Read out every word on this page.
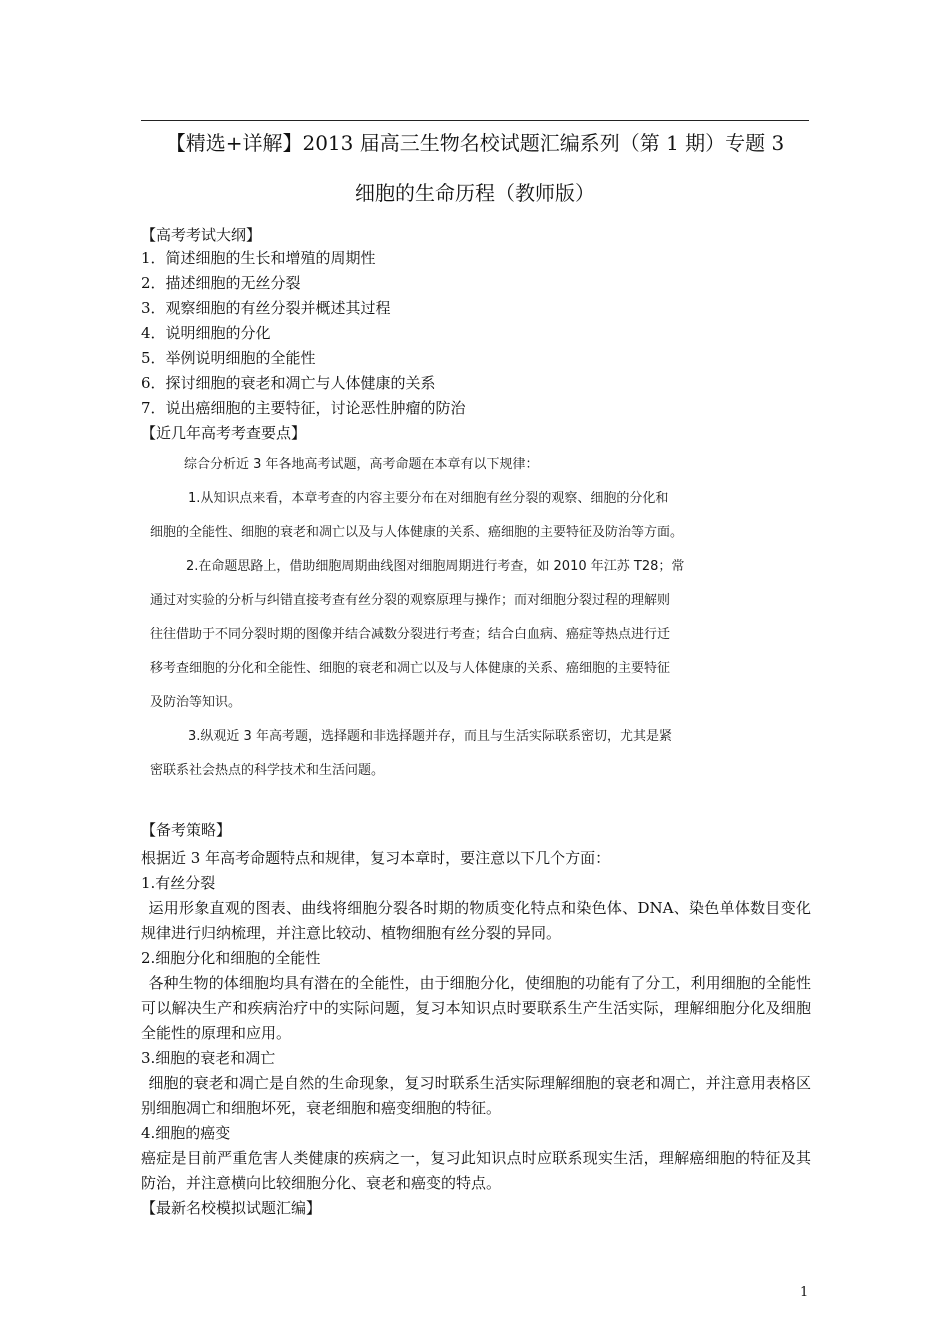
【精选+详解】2013 届高三生物名校试题汇编系列（第 1 期）专题 3
细胞的生命历程（教师版）
【高考考试大纲】
1．简述细胞的生长和增殖的周期性
2．描述细胞的无丝分裂
3．观察细胞的有丝分裂并概述其过程
4．说明细胞的分化
5．举例说明细胞的全能性
6．探讨细胞的衰老和凋亡与人体健康的关系
7．说出癌细胞的主要特征，讨论恶性肿瘤的防治
【近几年高考考查要点】

综合分析近 3 年各地高考试题，高考命题在本章有以下规律：

1.从知识点来看，本章考查的内容主要分布在对细胞有丝分裂的观察、细胞的分化和

细胞的全能性、细胞的衰老和凋亡以及与人体健康的关系、癌细胞的主要特征及防治等方面。

2.在命题思路上，借助细胞周期曲线图对细胞周期进行考查，如 2010 年江苏 T28；常

通过对实验的分析与纠错直接考查有丝分裂的观察原理与操作；而对细胞分裂过程的理解则

往往借助于不同分裂时期的图像并结合减数分裂进行考查；结合白血病、癌症等热点进行迁

移考查细胞的分化和全能性、细胞的衰老和凋亡以及与人体健康的关系、癌细胞的主要特征

及防治等知识。

3.纵观近 3 年高考题，选择题和非选择题并存，而且与生活实际联系密切，尤其是紧

密联系社会热点的科学技术和生活问题。

【备考策略】
根据近 3 年高考命题特点和规律，复习本章时，要注意以下几个方面：
1.有丝分裂
运用形象直观的图表、曲线将细胞分裂各时期的物质变化特点和染色体、DNA、染色单体数目变化规律进行归纳梳理，并注意比较动、植物细胞有丝分裂的异同。
2.细胞分化和细胞的全能性
各种生物的体细胞均具有潜在的全能性，由于细胞分化，使细胞的功能有了分工，利用细胞的全能性可以解决生产和疾病治疗中的实际问题，复习本知识点时要联系生产生活实际，理解细胞分化及细胞全能性的原理和应用。
3.细胞的衰老和凋亡
细胞的衰老和凋亡是自然的生命现象，复习时联系生活实际理解细胞的衰老和凋亡，并注意用表格区别细胞凋亡和细胞坏死，衰老细胞和癌变细胞的特征。
4.细胞的癌变
癌症是目前严重危害人类健康的疾病之一，复习此知识点时应联系现实生活，理解癌细胞的特征及其防治，并注意横向比较细胞分化、衰老和癌变的特点。
【最新名校模拟试题汇编】
1
